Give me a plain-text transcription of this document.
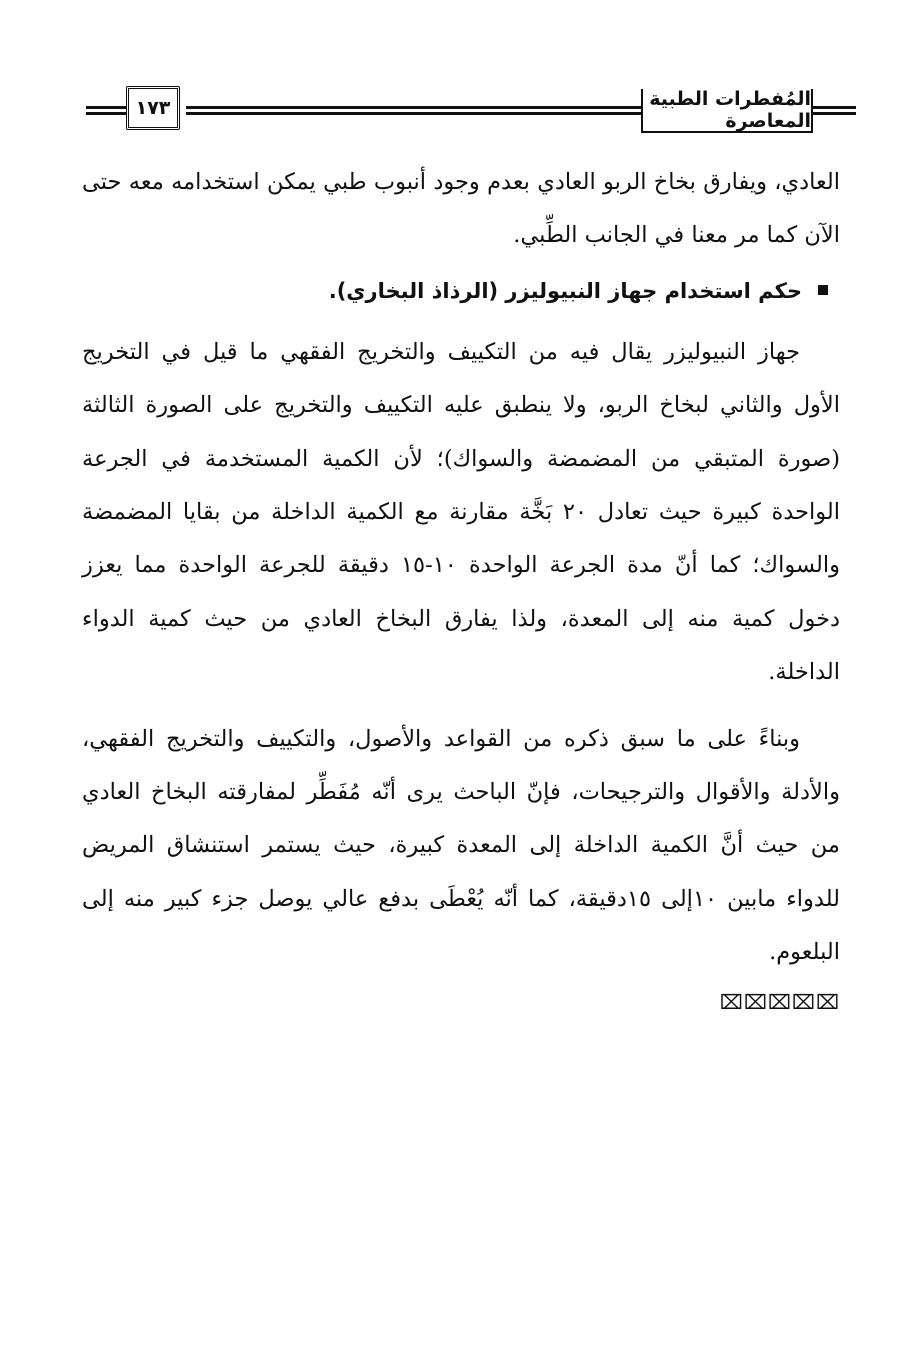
١٧٣	المُفطرات الطبية المعاصرة

العادي، ويفارق بخاخ الربو العادي بعدم وجود أنبوب طبي يمكن استخدامه معه حتى الآن كما مر معنا في الجانب الطِّبي.

حكم استخدام جهاز النبيوليزر (الرذاذ البخاري).

جهاز النبيوليزر يقال فيه من التكييف والتخريج الفقهي ما قيل في التخريج الأول والثاني لبخاخ الربو، ولا ينطبق عليه التكييف والتخريج على الصورة الثالثة (صورة المتبقي من المضمضة والسواك)؛ لأن الكمية المستخدمة في الجرعة الواحدة كبيرة حيث تعادل ٢٠ بَخَّة مقارنة مع الكمية الداخلة من بقايا المضمضة والسواك؛ كما أنّ مدة الجرعة الواحدة ١٠-١٥ دقيقة للجرعة الواحدة مما يعزز دخول كمية منه إلى المعدة، ولذا يفارق البخاخ العادي من حيث كمية الدواء الداخلة.

وبناءً على ما سبق ذكره من القواعد والأصول، والتكييف والتخريج الفقهي، والأدلة والأقوال والترجيحات، فإنّ الباحث يرى أنّه مُفَطِّر لمفارقته البخاخ العادي من حيث أنَّ الكمية الداخلة إلى المعدة كبيرة، حيث يستمر استنشاق المريض للدواء مابين ١٠إلى ١٥دقيقة، كما أنّه يُعْطَى بدفع عالي يوصل جزء كبير منه إلى البلعوم.

⌧⌧⌧⌧⌧
